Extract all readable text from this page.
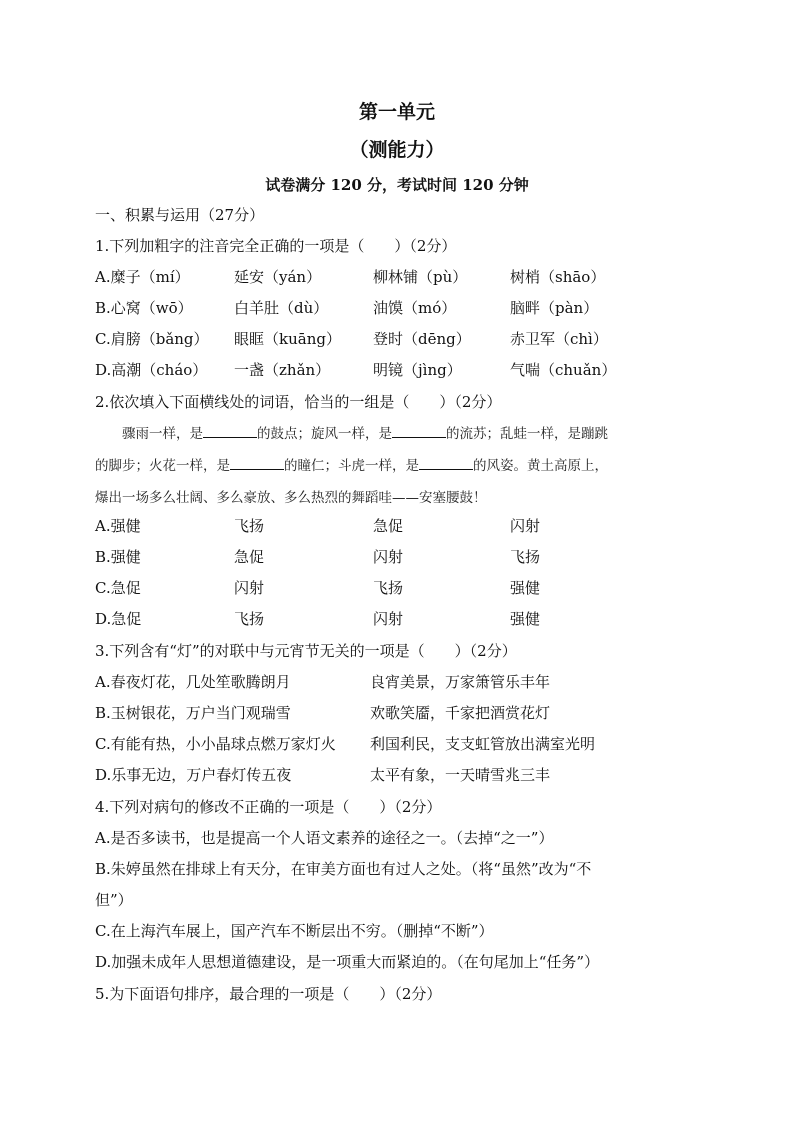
第一单元
（测能力）
试卷满分 120 分，考试时间 120 分钟
一、积累与运用（27分）
1.下列加粗字的注音完全正确的一项是（　　）（2分）
A.糜子（mí）	延安（yán）	柳林铺（pù）	树梢（shāo）
B.心窝（wō）	白羊肚（dù）	油馍（mó）	脑畔（pàn）
C.肩膀（bǎng） 眼眶（kuāng） 登时（dēng）	赤卫军（chì）
D.高潮（cháo） 一盏（zhǎn）	明镜（jìng）	气喘（chuǎn）
2.依次填入下面横线处的词语，恰当的一组是（　　）（2分）

骤雨一样，是	的鼓点；旋风一样，是	的流苏；乱蛙一样，是蹦跳

的脚步；火花一样，是	的瞳仁；斗虎一样，是	的风姿。黄土高原上，

爆出一场多么壮阔、多么豪放、多么热烈的舞蹈哇——安塞腰鼓！

A.强健	飞扬	急促	闪射
B.强健	急促	闪射	飞扬
C.急促	闪射	飞扬	强健
D.急促	飞扬	闪射	强健
3.下列含有“灯”的对联中与元宵节无关的一项是（　　）（2分）
A.春夜灯花，几处笙歌腾朗月	良宵美景，万家箫管乐丰年
B.玉树银花，万户当门观瑞雪	欢歌笑靥，千家把酒赏花灯
C.有能有热，小小晶球点燃万家灯火 利国利民，支支虹管放出满室光明
D.乐事无边，万户春灯传五夜	太平有象，一天晴雪兆三丰
4.下列对病句的修改不正确的一项是（　　）（2分）
A.是否多读书，也是提高一个人语文素养的途径之一。（去掉“之一”）
B.朱婷虽然在排球上有天分，在审美方面也有过人之处。（将“虽然”改为“不
但”）
C.在上海汽车展上，国产汽车不断层出不穷。（删掉“不断”）
D.加强未成年人思想道德建设，是一项重大而紧迫的。（在句尾加上“任务”）
5.为下面语句排序，最合理的一项是（　　）（2分）
